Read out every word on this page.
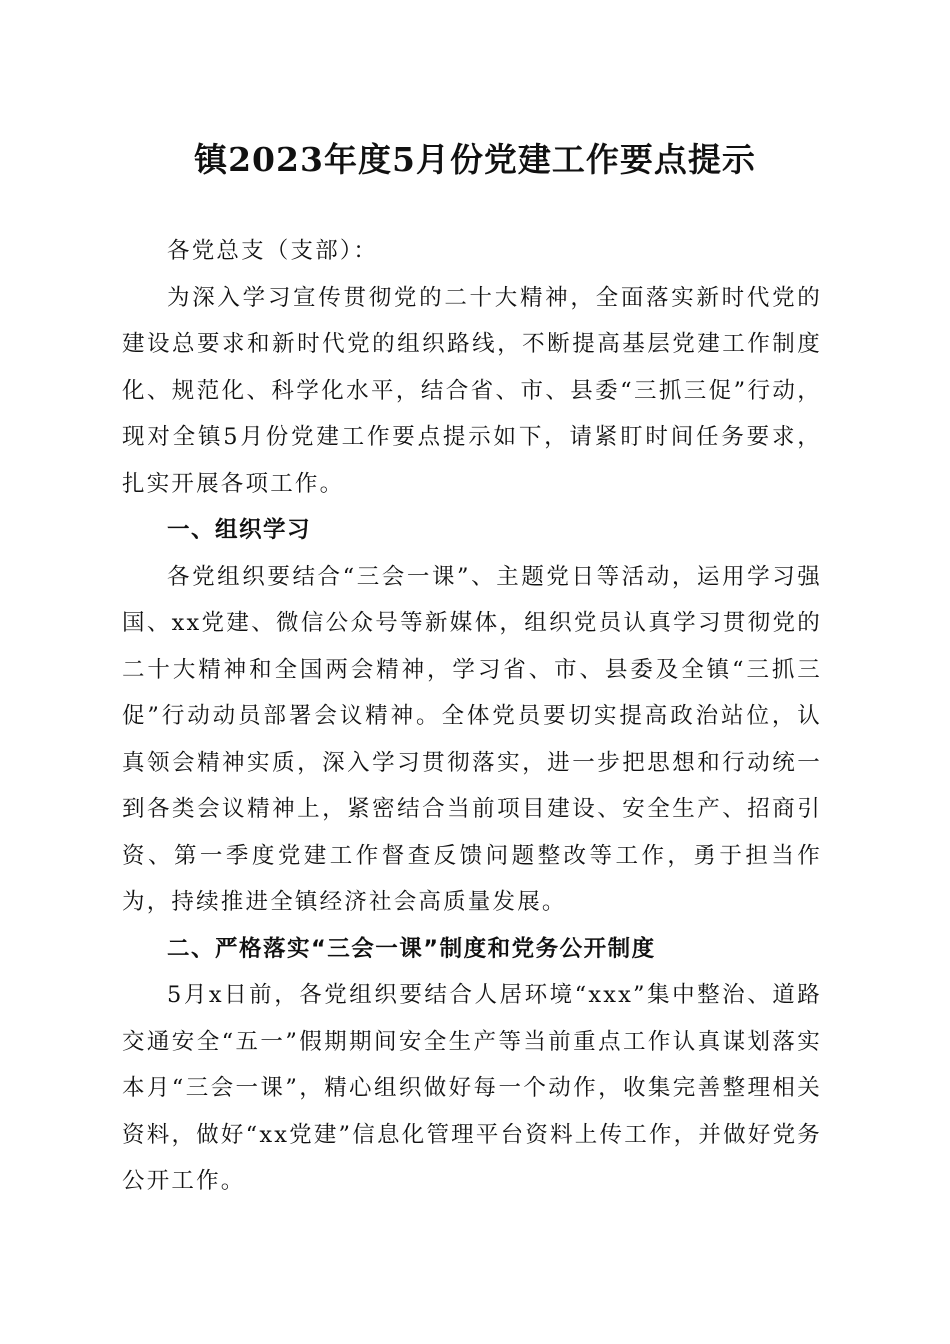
镇2023年度5月份党建工作要点提示

各党总支（支部）：

为深入学习宣传贯彻党的二十大精神，全面落实新时代党的建设总要求和新时代党的组织路线，不断提高基层党建工作制度化、规范化、科学化水平，结合省、市、县委“三抓三促”行动，现对全镇5月份党建工作要点提示如下，请紧盯时间任务要求，扎实开展各项工作。

一、组织学习

各党组织要结合“三会一课”、主题党日等活动，运用学习强国、xx党建、微信公众号等新媒体，组织党员认真学习贯彻党的二十大精神和全国两会精神，学习省、市、县委及全镇“三抓三促”行动动员部署会议精神。全体党员要切实提高政治站位，认真领会精神实质，深入学习贯彻落实，进一步把思想和行动统一到各类会议精神上，紧密结合当前项目建设、安全生产、招商引资、第一季度党建工作督查反馈问题整改等工作，勇于担当作为，持续推进全镇经济社会高质量发展。

二、严格落实“三会一课”制度和党务公开制度

5月x日前，各党组织要结合人居环境“xxx”集中整治、道路交通安全“五一”假期期间安全生产等当前重点工作认真谋划落实本月“三会一课”，精心组织做好每一个动作，收集完善整理相关资料，做好“xx党建”信息化管理平台资料上传工作，并做好党务公开工作。
